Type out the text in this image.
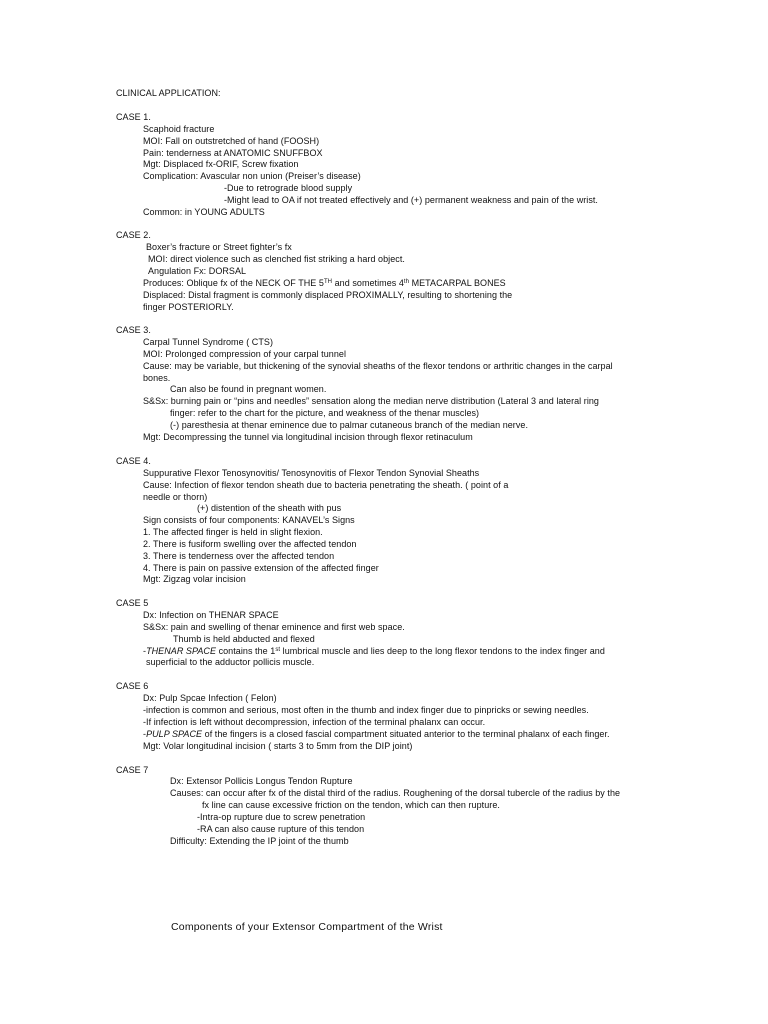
CLINICAL APPLICATION:
CASE 1.
Scaphoid fracture
MOI: Fall on outstretched of hand (FOOSH)
Pain: tenderness at ANATOMIC SNUFFBOX
Mgt: Displaced fx-ORIF, Screw fixation
Complication: Avascular non union (Preiser’s disease)
-Due to retrograde blood supply
-Might lead to OA if not treated effectively and (+) permanent weakness and pain of the wrist.
Common: in YOUNG ADULTS
CASE 2.
Boxer’s fracture or Street fighter’s fx
MOI: direct violence such as clenched fist striking a hard object.
Angulation Fx: DORSAL
Produces: Oblique fx of the NECK OF THE 5TH and sometimes 4th METACARPAL BONES
Displaced: Distal fragment is commonly displaced PROXIMALLY, resulting to shortening the
finger POSTERIORLY.
CASE 3.
Carpal Tunnel Syndrome ( CTS)
MOI: Prolonged compression of your carpal tunnel
Cause: may be variable, but thickening of the synovial sheaths of the flexor tendons or arthritic changes in the carpal
bones.
Can also be found in pregnant women.
S&Sx: burning pain or “pins and needles” sensation along the median nerve distribution (Lateral 3 and lateral ring
finger: refer to the chart for the picture, and weakness of the thenar muscles)
(-) paresthesia at thenar eminence due to palmar cutaneous branch of the median nerve.
Mgt: Decompressing the tunnel via longitudinal incision through flexor retinaculum
CASE 4.
Suppurative Flexor Tenosynovitis/ Tenosynovitis of Flexor Tendon Synovial Sheaths
Cause: Infection of flexor tendon sheath due to bacteria penetrating the sheath. ( point of a
needle or thorn)
(+) distention of the sheath with pus
Sign consists of four components: KANAVEL’s Signs
1. The affected finger is held in slight flexion.
2. There is fusiform swelling over the affected tendon
3. There is tenderness over the affected tendon
4. There is pain on passive extension of the affected finger
Mgt: Zigzag volar incision
CASE 5
Dx: Infection on THENAR SPACE
S&Sx: pain and swelling of thenar eminence and first web space.
Thumb is held abducted and flexed
-THENAR SPACE contains the 1st lumbrical muscle and lies deep to the long flexor tendons to the index finger and
superficial to the adductor pollicis muscle.
CASE 6
Dx: Pulp Spcae Infection ( Felon)
-infection is common and serious, most often in the thumb and index finger due to pinpricks or sewing needles.
-If infection is left without decompression, infection of the terminal phalanx can occur.
-PULP SPACE of the fingers is a closed fascial compartment situated anterior to the terminal phalanx of each finger.
Mgt: Volar longitudinal incision ( starts 3 to 5mm from the DIP joint)
CASE 7
Dx: Extensor Pollicis Longus Tendon Rupture
Causes: can occur after fx of the distal third of the radius. Roughening of the dorsal tubercle of the radius by the
fx line can cause excessive friction on the tendon, which can then rupture.
-Intra-op rupture due to screw penetration
-RA can also cause rupture of this tendon
Difficulty: Extending the IP joint of the thumb
Components of your Extensor Compartment of the Wrist
